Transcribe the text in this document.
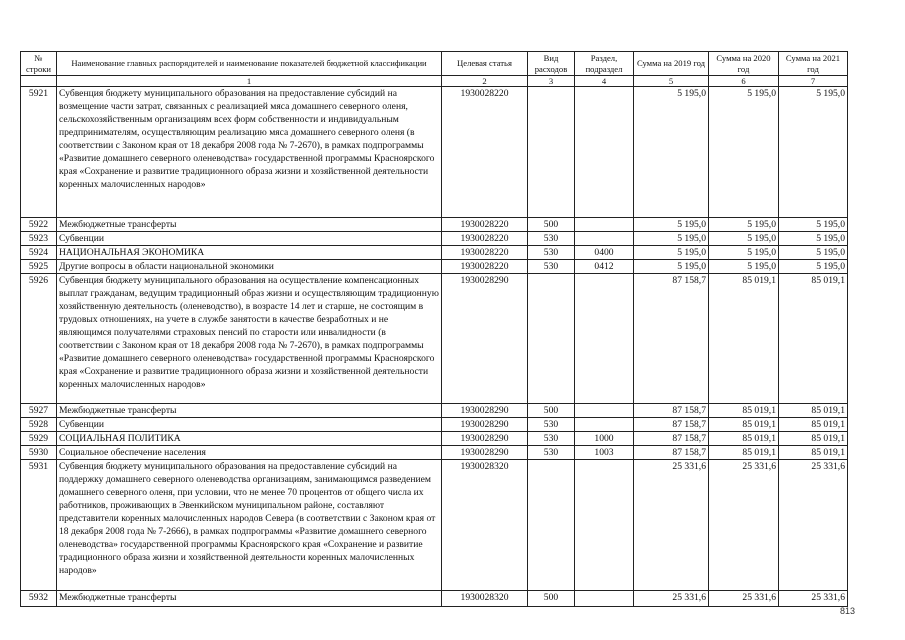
№ строки	Наименование главных распорядителей и наименование показателей бюджетной классификации	Целевая статья	Вид расходов	Раздел, подраздел	Сумма на 2019 год	Сумма на 2020 год	Сумма на 2021 год
	1	2	3	4	5	6	7
5921	Субвенция бюджету муниципального образования на предоставление субсидий на возмещение части затрат, связанных с реализацией мяса домашнего северного оленя, сельскохозяйственным организациям всех форм собственности и индивидуальным предпринимателям, осуществляющим реализацию мяса домашнего северного оленя (в соответствии с Законом края от 18 декабря 2008 года № 7-2670), в рамках подпрограммы «Развитие домашнего северного оленеводства» государственной программы Красноярского края «Сохранение и развитие традиционного образа жизни и хозяйственной деятельности коренных малочисленных народов»	1930028220			5 195,0	5 195,0	5 195,0
5922	Межбюджетные трансферты	1930028220	500		5 195,0	5 195,0	5 195,0
5923	Субвенции	1930028220	530		5 195,0	5 195,0	5 195,0
5924	НАЦИОНАЛЬНАЯ ЭКОНОМИКА	1930028220	530	0400	5 195,0	5 195,0	5 195,0
5925	Другие вопросы в области национальной экономики	1930028220	530	0412	5 195,0	5 195,0	5 195,0
5926	Субвенция бюджету муниципального образования на осуществление компенсационных выплат гражданам, ведущим традиционный образ жизни и осуществляющим традиционную хозяйственную деятельность (оленеводство), в возрасте 14 лет и старше, не состоящим в трудовых отношениях, на учете в службе занятости в качестве безработных и не являющимся получателями страховых пенсий по старости или инвалидности (в соответствии с Законом края от 18 декабря 2008 года № 7-2670), в рамках подпрограммы «Развитие домашнего северного оленеводства» государственной программы Красноярского края «Сохранение и развитие традиционного образа жизни и хозяйственной деятельности коренных малочисленных народов»	1930028290			87 158,7	85 019,1	85 019,1
5927	Межбюджетные трансферты	1930028290	500		87 158,7	85 019,1	85 019,1
5928	Субвенции	1930028290	530		87 158,7	85 019,1	85 019,1
5929	СОЦИАЛЬНАЯ ПОЛИТИКА	1930028290	530	1000	87 158,7	85 019,1	85 019,1
5930	Социальное обеспечение населения	1930028290	530	1003	87 158,7	85 019,1	85 019,1
5931	Субвенция бюджету муниципального образования на предоставление субсидий на поддержку домашнего северного оленеводства организациям, занимающимся разведением домашнего северного оленя, при условии, что не менее 70 процентов от общего числа их работников, проживающих в Эвенкийском муниципальном районе, составляют представители коренных малочисленных народов Севера (в соответствии с Законом края от 18 декабря 2008 года № 7-2666), в рамках подпрограммы «Развитие домашнего северного оленеводства» государственной программы Красноярского края «Сохранение и развитие традиционного образа жизни и хозяйственной деятельности коренных малочисленных народов»	1930028320			25 331,6	25 331,6	25 331,6
5932	Межбюджетные трансферты	1930028320	500		25 331,6	25 331,6	25 331,6
813
